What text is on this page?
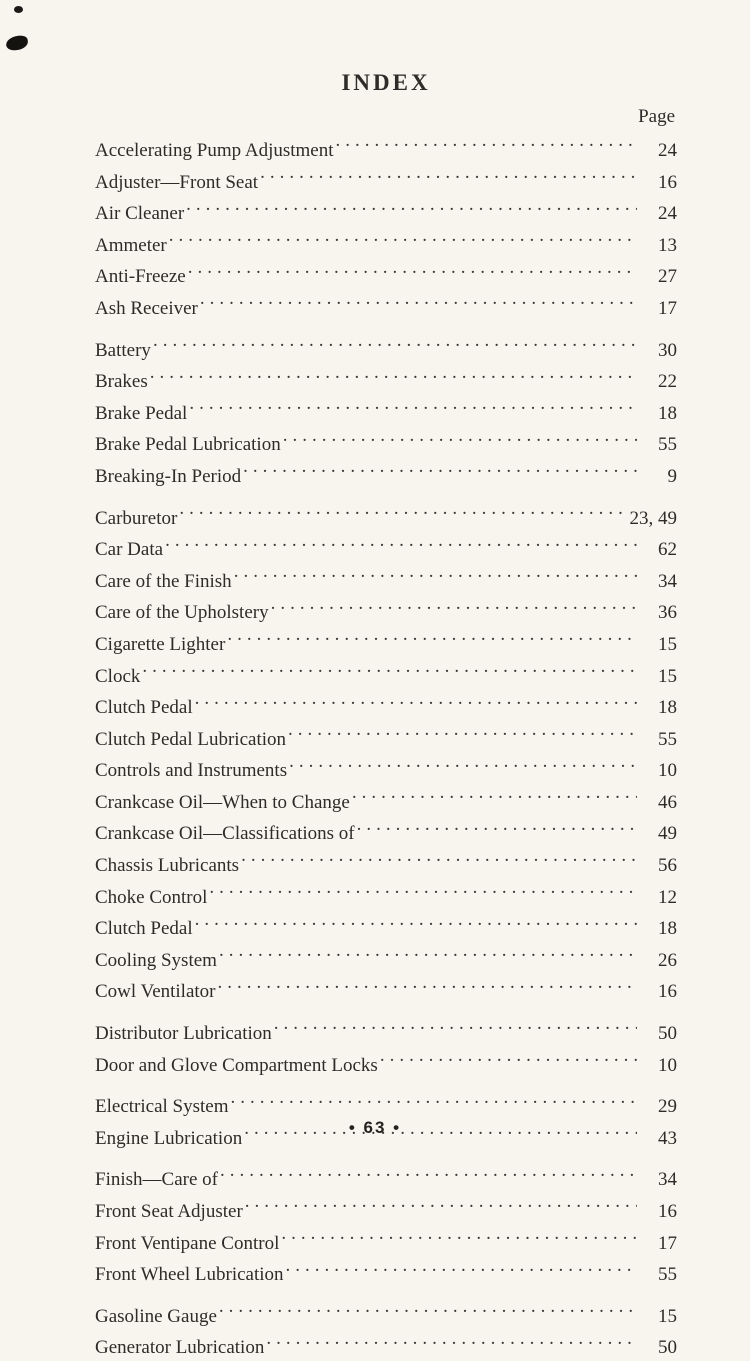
INDEX
Page
Accelerating Pump Adjustment .....	24
Adjuster—Front Seat .....	16
Air Cleaner .....	24
Ammeter .....	13
Anti-Freeze .....	27
Ash Receiver .....	17
Battery .....	30
Brakes .....	22
Brake Pedal .....	18
Brake Pedal Lubrication .....	55
Breaking-In Period .....	9
Carburetor .....	23, 49
Car Data .....	62
Care of the Finish .....	34
Care of the Upholstery .....	36
Cigarette Lighter .....	15
Clock .....	15
Clutch Pedal .....	18
Clutch Pedal Lubrication .....	55
Controls and Instruments .....	10
Crankcase Oil—When to Change .....	46
Crankcase Oil—Classifications of .....	49
Chassis Lubricants .....	56
Choke Control .....	12
Clutch Pedal .....	18
Cooling System .....	26
Cowl Ventilator .....	16
Distributor Lubrication .....	50
Door and Glove Compartment Locks .....	10
Electrical System .....	29
Engine Lubrication .....	43
Finish—Care of .....	34
Front Seat Adjuster .....	16
Front Ventipane Control .....	17
Front Wheel Lubrication .....	55
Gasoline Gauge .....	15
Generator Lubrication .....	50
• 63 •
